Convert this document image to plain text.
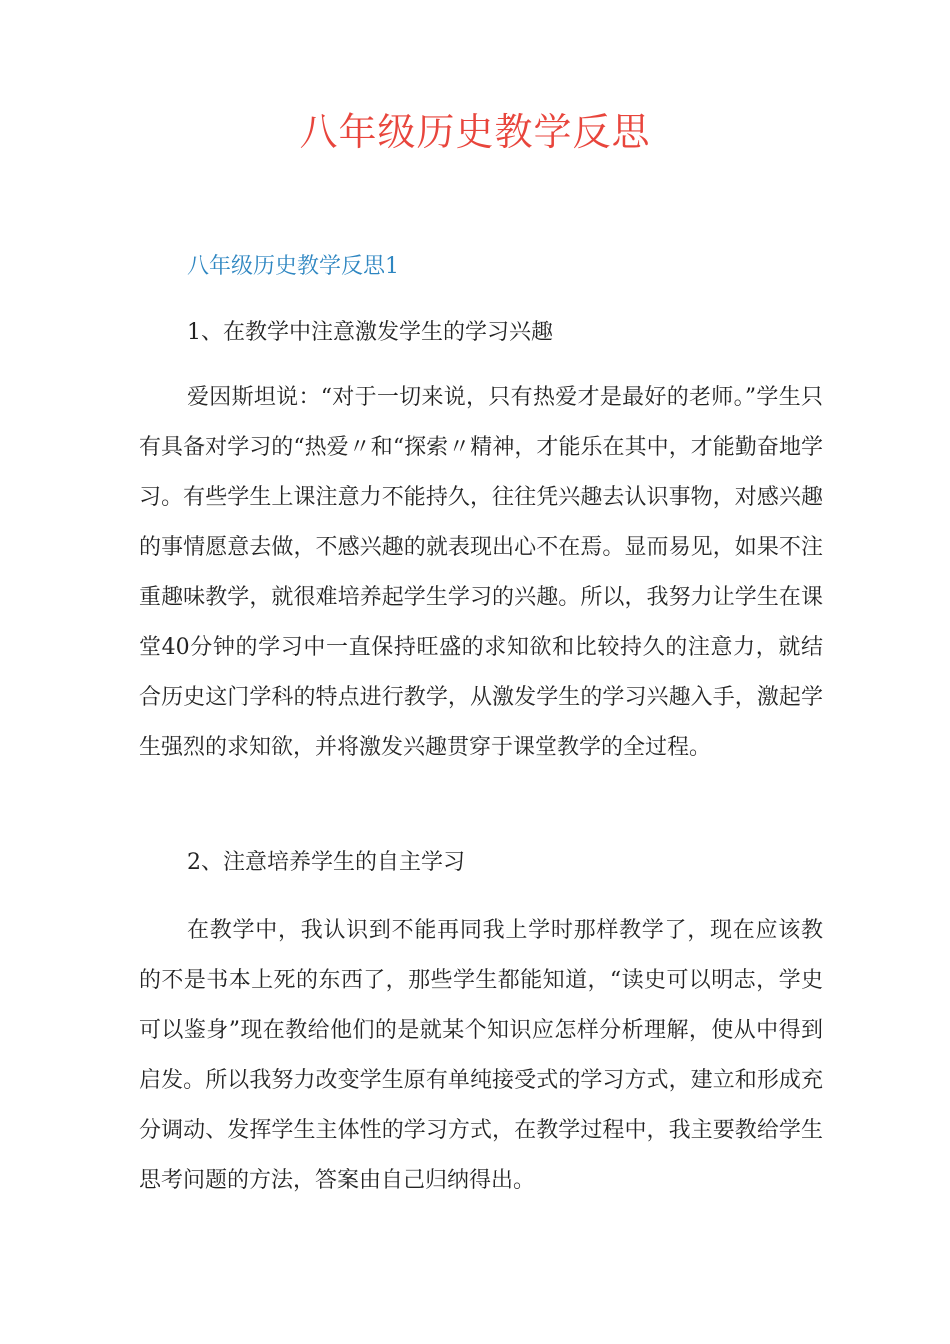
八年级历史教学反思
八年级历史教学反思1
1、在教学中注意激发学生的学习兴趣

爱因斯坦说：“对于一切来说，只有热爱才是最好的老师。”学生只有具备对学习的“热爱〃和“探索〃精神，才能乐在其中，才能勤奋地学习。有些学生上课注意力不能持久，往往凭兴趣去认识事物，对感兴趣的事情愿意去做，不感兴趣的就表现出心不在焉。显而易见，如果不注重趣味教学，就很难培养起学生学习的兴趣。所以，我努力让学生在课堂40分钟的学习中一直保持旺盛的求知欲和比较持久的注意力，就结合历史这门学科的特点进行教学，从激发学生的学习兴趣入手，激起学生强烈的求知欲，并将激发兴趣贯穿于课堂教学的全过程。

2、注意培养学生的自主学习

在教学中，我认识到不能再同我上学时那样教学了，现在应该教的不是书本上死的东西了，那些学生都能知道，“读史可以明志，学史可以鉴身”现在教给他们的是就某个知识应怎样分析理解，使从中得到启发。所以我努力改变学生原有单纯接受式的学习方式，建立和形成充分调动、发挥学生主体性的学习方式，在教学过程中，我主要教给学生思考问题的方法，答案由自己归纳得出。
